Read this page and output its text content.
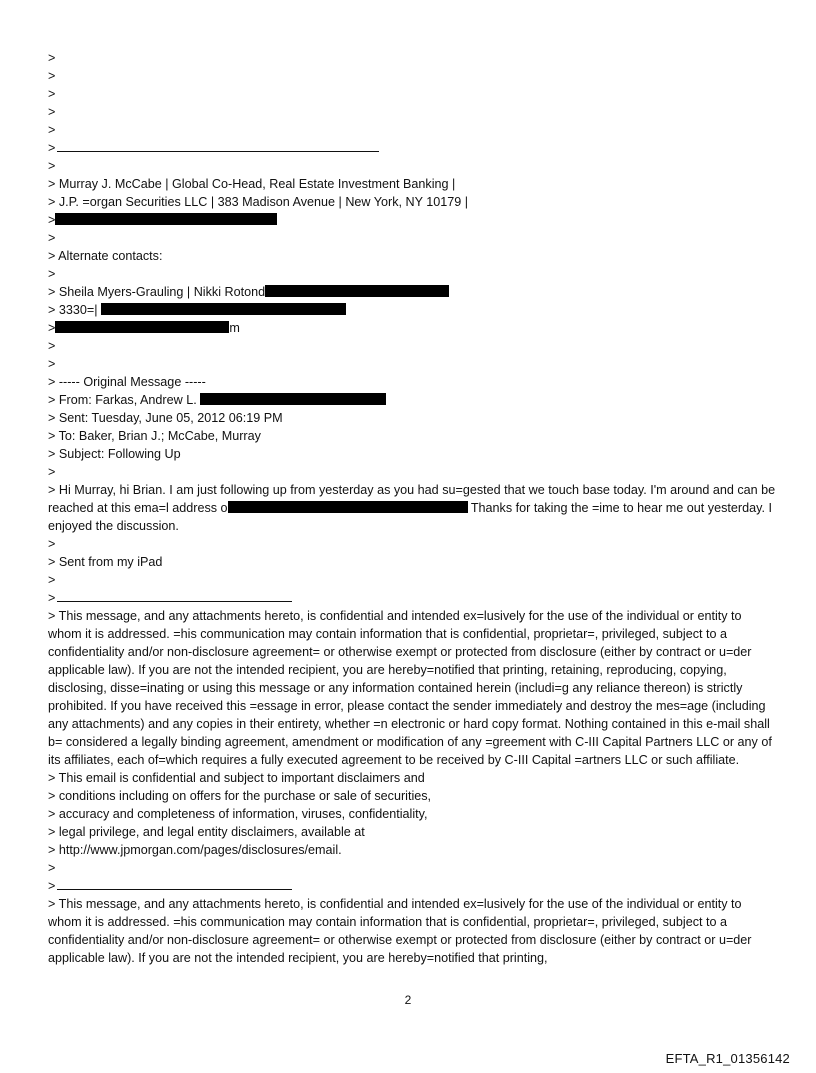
>
>
>
>
>
>
>
> Murray J. McCabe | Global Co-Head, Real Estate Investment Banking |
> J.P. =organ Securities LLC | 383 Madison Avenue | New York, NY 10179 |
>
>
> Alternate contacts:
>
> Sheila Myers-Grauling | Nikki Rotond
> 3330=|
>	m
>
>
> ----- Original Message -----
> From: Farkas, Andrew L.
> Sent: Tuesday, June 05, 2012 06:19 PM
> To: Baker, Brian J.; McCabe, Murray
> Subject: Following Up
>
> Hi Murray, hi Brian. I am just following up from yesterday as you had su=gested that we touch base today. I'm around and can be reached at this ema=l address o	Thanks for taking the =ime to hear me out yesterday. I enjoyed the discussion.
>
> Sent from my iPad
>
>
> This message, and any attachments hereto, is confidential and intended ex=lusively for the use of the individual or entity to whom it is addressed. =his communication may contain information that is confidential, proprietar=, privileged, subject to a confidentiality and/or non-disclosure agreement= or otherwise exempt or protected from disclosure (either by contract or u=der applicable law). If you are not the intended recipient, you are hereby=notified that printing, retaining, reproducing, copying, disclosing, disse=inating or using this message or any information contained herein (includi=g any reliance thereon) is strictly prohibited. If you have received this =essage in error, please contact the sender immediately and destroy the mes=age (including any attachments) and any copies in their entirety, whether =n electronic or hard copy format. Nothing contained in this e-mail shall b= considered a legally binding agreement, amendment or modification of any =greement with C-III Capital Partners LLC or any of its affiliates, each of=which requires a fully executed agreement to be received by C-III Capital =artners LLC or such affiliate.
> This email is confidential and subject to important disclaimers and
> conditions including on offers for the purchase or sale of securities,
> accuracy and completeness of information, viruses, confidentiality,
> legal privilege, and legal entity disclaimers, available at
> http://www.jpmorgan.com/pages/disclosures/email.
>
>
> This message, and any attachments hereto, is confidential and intended ex=lusively for the use of the individual or entity to whom it is addressed. =his communication may contain information that is confidential, proprietar=, privileged, subject to a confidentiality and/or non-disclosure agreement= or otherwise exempt or protected from disclosure (either by contract or u=der applicable law). If you are not the intended recipient, you are hereby=notified that printing,
2
EFTA_R1_01356142
